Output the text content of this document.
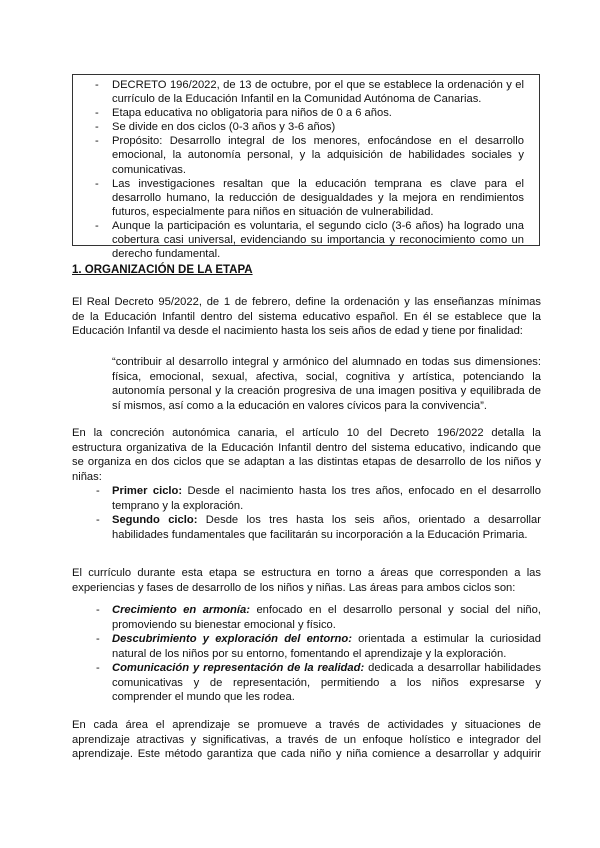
- DECRETO 196/2022, de 13 de octubre, por el que se establece la ordenación y el
currículo de la Educación Infantil en la Comunidad Autónoma de Canarias.
- Etapa educativa no obligatoria para niños de 0 a 6 años.
- Se divide en dos ciclos (0-3 años y 3-6 años)
- Propósito: Desarrollo integral de los menores, enfocándose en el desarrollo
emocional, la autonomía personal, y la adquisición de habilidades sociales y
comunicativas.
- Las investigaciones resaltan que la educación temprana es clave para el
desarrollo humano, la reducción de desigualdades y la mejora en rendimientos
futuros, especialmente para niños en situación de vulnerabilidad.
- Aunque la participación es voluntaria, el segundo ciclo (3-6 años) ha logrado una
cobertura casi universal, evidenciando su importancia y reconocimiento como un
derecho fundamental.
1. ORGANIZACIÓN DE LA ETAPA
El Real Decreto 95/2022, de 1 de febrero, define la ordenación y las enseñanzas mínimas
de la Educación Infantil dentro del sistema educativo español. En él se establece que la
Educación Infantil va desde el nacimiento hasta los seis años de edad y tiene por finalidad:
“contribuir al desarrollo integral y armónico del alumnado en todas sus dimensiones:
física, emocional, sexual, afectiva, social, cognitiva y artística, potenciando la
autonomía personal y la creación progresiva de una imagen positiva y equilibrada de
sí mismos, así como a la educación en valores cívicos para la convivencia”.
En la concreción autonómica canaria, el artículo 10 del Decreto 196/2022 detalla la
estructura organizativa de la Educación Infantil dentro del sistema educativo, indicando que
se organiza en dos ciclos que se adaptan a las distintas etapas de desarrollo de los niños y
niñas:
- Primer ciclo: Desde el nacimiento hasta los tres años, enfocado en el desarrollo
temprano y la exploración.
- Segundo ciclo: Desde los tres hasta los seis años, orientado a desarrollar
habilidades fundamentales que facilitarán su incorporación a la Educación Primaria.
El currículo durante esta etapa se estructura en torno a áreas que corresponden a las
experiencias y fases de desarrollo de los niños y niñas. Las áreas para ambos ciclos son:
- Crecimiento en armonía: enfocado en el desarrollo personal y social del niño,
promoviendo su bienestar emocional y físico.
- Descubrimiento y exploración del entorno: orientada a estimular la curiosidad
natural de los niños por su entorno, fomentando el aprendizaje y la exploración.
- Comunicación y representación de la realidad: dedicada a desarrollar habilidades
comunicativas y de representación, permitiendo a los niños expresarse y
comprender el mundo que les rodea.
En cada área el aprendizaje se promueve a través de actividades y situaciones de
aprendizaje atractivas y significativas, a través de un enfoque holístico e integrador del
aprendizaje. Este método garantiza que cada niño y niña comience a desarrollar y adquirir
